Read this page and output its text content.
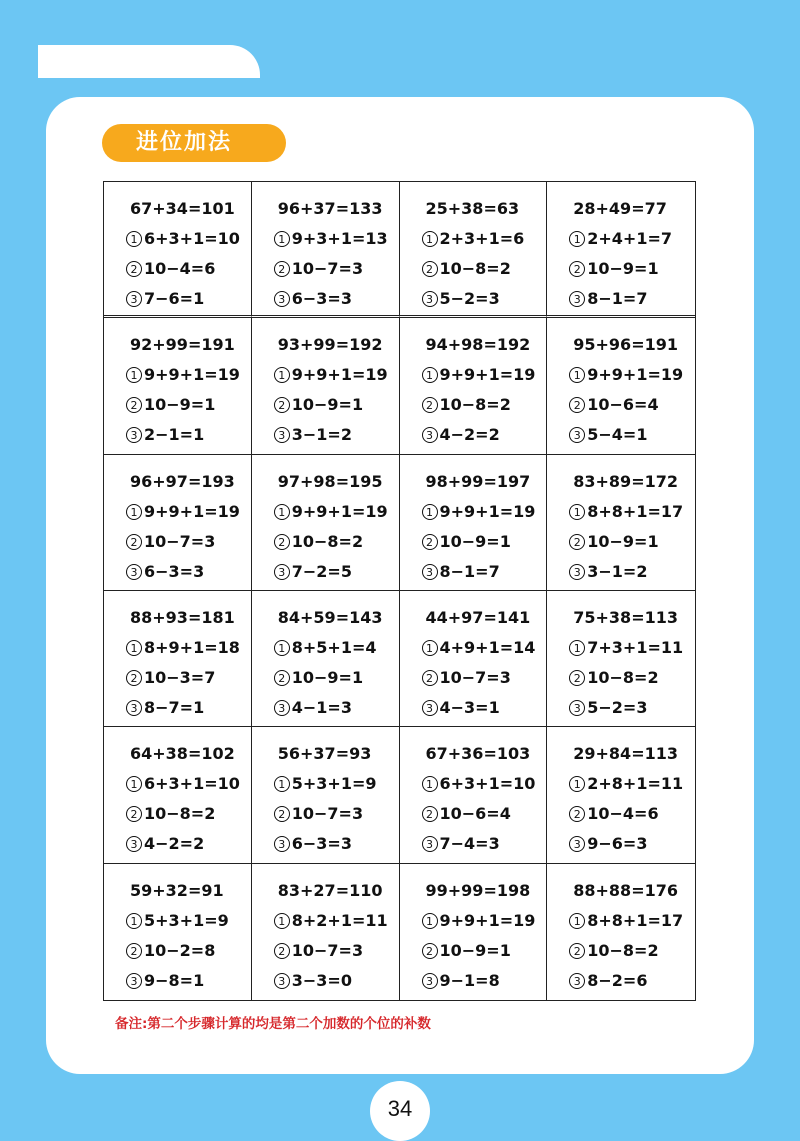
进位加法
67+34=101
1 6+3+1=10
2 10−4=6
3 7−6=1
96+37=133
1 9+3+1=13
2 10−7=3
3 6−3=3
25+38=63
1 2+3+1=6
2 10−8=2
3 5−2=3
28+49=77
1 2+4+1=7
2 10−9=1
3 8−1=7
92+99=191
1 9+9+1=19
2 10−9=1
3 2−1=1
93+99=192
1 9+9+1=19
2 10−9=1
3 3−1=2
94+98=192
1 9+9+1=19
2 10−8=2
3 4−2=2
95+96=191
1 9+9+1=19
2 10−6=4
3 5−4=1
96+97=193
1 9+9+1=19
2 10−7=3
3 6−3=3
97+98=195
1 9+9+1=19
2 10−8=2
3 7−2=5
98+99=197
1 9+9+1=19
2 10−9=1
3 8−1=7
83+89=172
1 8+8+1=17
2 10−9=1
3 3−1=2
88+93=181
1 8+9+1=18
2 10−3=7
3 8−7=1
84+59=143
1 8+5+1=4
2 10−9=1
3 4−1=3
44+97=141
1 4+9+1=14
2 10−7=3
3 4−3=1
75+38=113
1 7+3+1=11
2 10−8=2
3 5−2=3
64+38=102
1 6+3+1=10
2 10−8=2
3 4−2=2
56+37=93
1 5+3+1=9
2 10−7=3
3 6−3=3
67+36=103
1 6+3+1=10
2 10−6=4
3 7−4=3
29+84=113
1 2+8+1=11
2 10−4=6
3 9−6=3
59+32=91
1 5+3+1=9
2 10−2=8
3 9−8=1
83+27=110
1 8+2+1=11
2 10−7=3
3 3−3=0
99+99=198
1 9+9+1=19
2 10−9=1
3 9−1=8
88+88=176
1 8+8+1=17
2 10−8=2
3 8−2=6
备注:第二个步骤计算的均是第二个加数的个位的补数
34
